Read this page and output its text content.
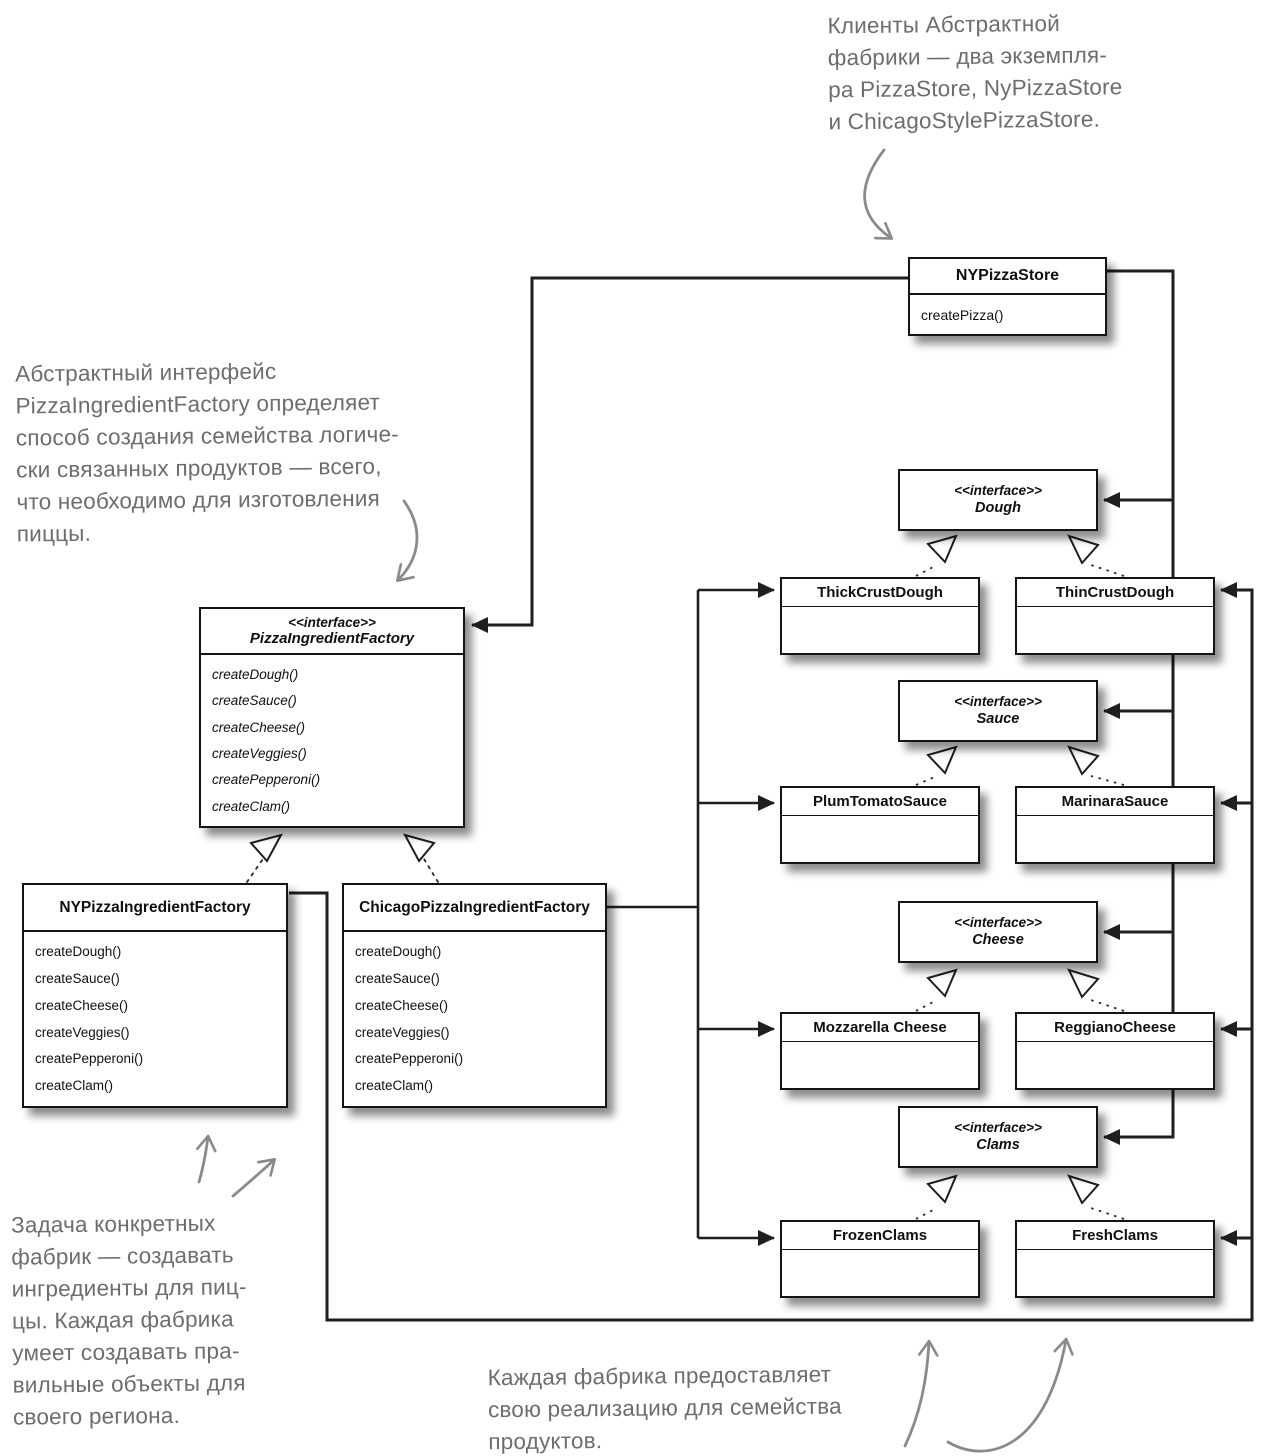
NYPizzaStore
createPizza()
<<interface>>
PizzaIngredientFactory
createDough()
createSauce()
createCheese()
createVeggies()
createPepperoni()
createClam()
NYPizzaIngredientFactory
createDough()
createSauce()
createCheese()
createVeggies()
createPepperoni()
createClam()
ChicagoPizzaIngredientFactory
createDough()
createSauce()
createCheese()
createVeggies()
createPepperoni()
createClam()
<<interface>>
Dough
<<interface>>
Sauce
<<interface>>
Cheese
<<interface>>
Clams
ThickCrustDough
PlumTomatoSauce
Mozzarella Cheese
FrozenClams
ThinCrustDough
MarinaraSauce
ReggianoCheese
FreshClams
Клиенты Абстрактной
фабрики — два экземпля-
ра PizzaStore, NyPizzaStore
и ChicagoStylePizzaStore.
Абстрактный интерфейс
PizzaIngredientFactory определяет
способ создания семейства логиче-
ски связанных продуктов — всего,
что необходимо для изготовления
пиццы.
Задача конкретных
фабрик — создавать
ингредиенты для пиц-
цы. Каждая фабрика
умеет создавать пра-
вильные объекты для
своего региона.
Каждая фабрика предоставляет
свою реализацию для семейства
продуктов.
